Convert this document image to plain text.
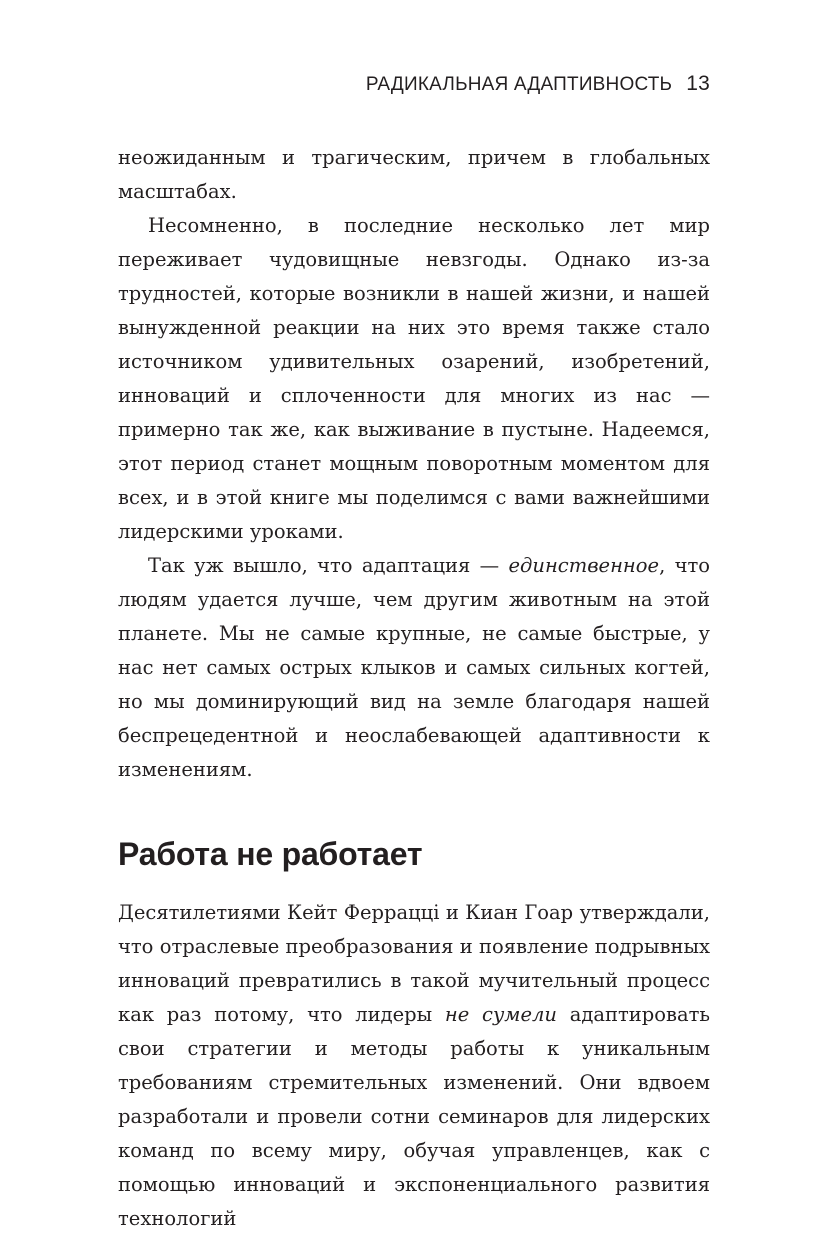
РАДИКАЛЬНАЯ АДАПТИВНОСТЬ 13

неожиданным и трагическим, причем в глобальных масштабах.

Несомненно, в последние несколько лет мир переживает чудовищные невзгоды. Однако из-за трудностей, которые возникли в нашей жизни, и нашей вынужденной реакции на них это время также стало источником удивительных озарений, изобретений, инноваций и сплоченности для многих из нас — примерно так же, как выживание в пустыне. Надеемся, этот период станет мощным поворотным моментом для всех, и в этой книге мы поделимся с вами важнейшими лидерскими уроками.

Так уж вышло, что адаптация — единственное, что людям удается лучше, чем другим животным на этой планете. Мы не самые крупные, не самые быстрые, у нас нет самых острых клыков и самых сильных когтей, но мы доминирующий вид на земле благодаря нашей беспрецедентной и неослабевающей адаптивности к изменениям.

Работа не работает

Десятилетиями Кейт Ферраццi и Киан Гоар утверждали, что отраслевые преобразования и появление подрывных инноваций превратились в такой мучительный процесс как раз потому, что лидеры не сумели адаптировать свои стратегии и методы работы к уникальным требованиям стремительных изменений. Они вдвоем разработали и провели сотни семинаров для лидерских команд по всему миру, обучая управленцев, как с помощью инноваций и экспоненциального развития технологий
